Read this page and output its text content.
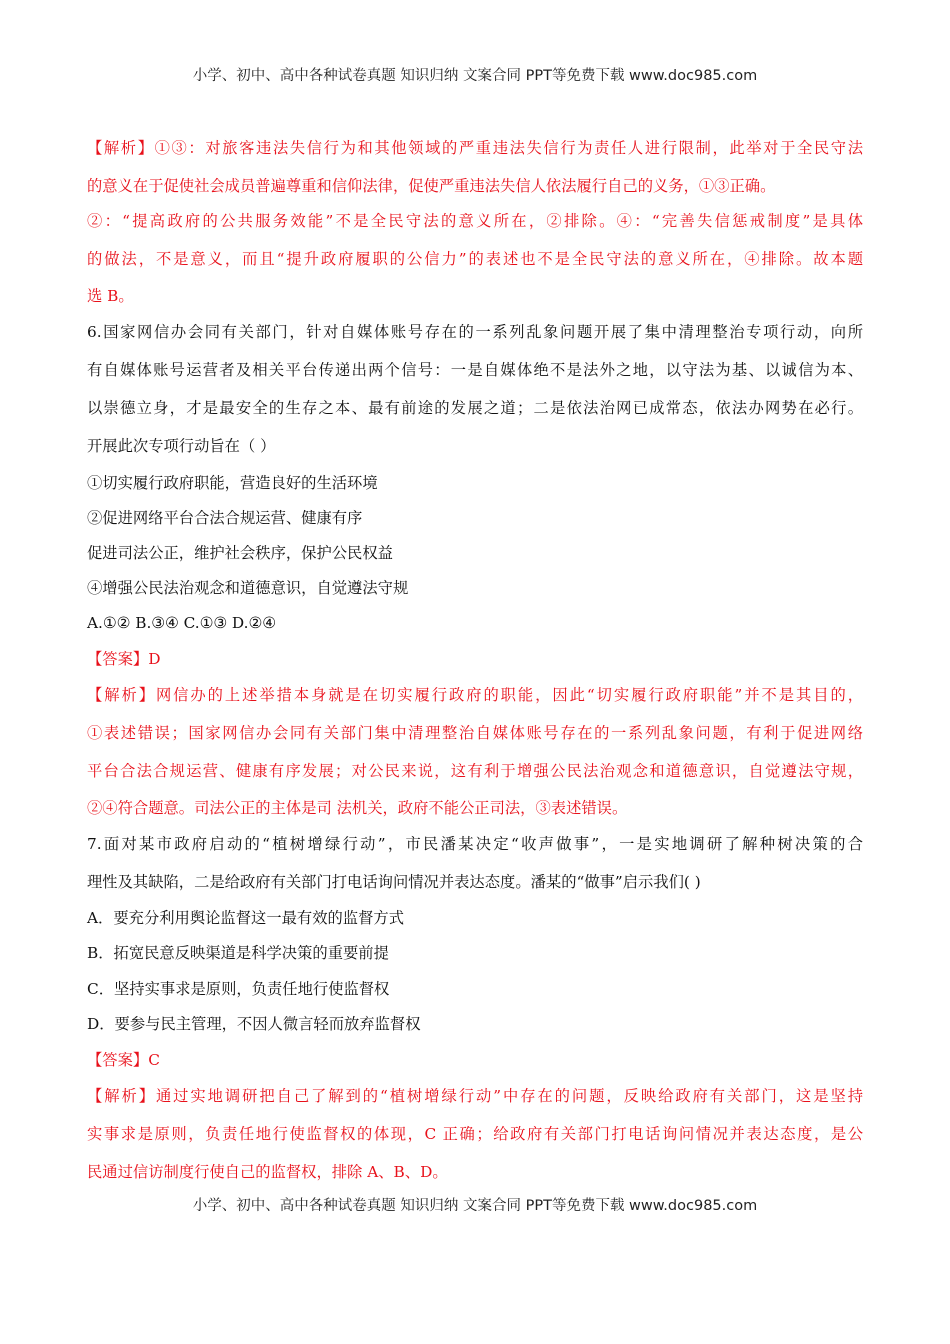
小学、初中、高中各种试卷真题 知识归纳 文案合同 PPT等免费下载 www.doc985.com
【解析】①③：对旅客违法失信行为和其他领域的严重违法失信行为责任人进行限制，此举对于全民守法
的意义在于促使社会成员普遍尊重和信仰法律，促使严重违法失信人依法履行自己的义务，①③正确。
②：“提高政府的公共服务效能”不是全民守法的意义所在，②排除。④：“完善失信惩戒制度”是具体
的做法，不是意义，而且“提升政府履职的公信力”的表述也不是全民守法的意义所在，④排除。故本题
选 B。
6.国家网信办会同有关部门，针对自媒体账号存在的一系列乱象问题开展了集中清理整治专项行动，向所
有自媒体账号运营者及相关平台传递出两个信号：一是自媒体绝不是法外之地，以守法为基、以诚信为本、
以崇德立身，才是最安全的生存之本、最有前途的发展之道；二是依法治网已成常态，依法办网势在必行。
开展此次专项行动旨在（ ）
①切实履行政府职能，营造良好的生活环境
②促进网络平台合法合规运营、健康有序
促进司法公正，维护社会秩序，保护公民权益
④增强公民法治观念和道德意识，自觉遵法守规
A.①② B.③④ C.①③ D.②④
【答案】D
【解析】网信办的上述举措本身就是在切实履行政府的职能，因此“切实履行政府职能”并不是其目的，
①表述错误；国家网信办会同有关部门集中清理整治自媒体账号存在的一系列乱象问题，有利于促进网络
平台合法合规运营、健康有序发展；对公民来说，这有利于增强公民法治观念和道德意识，自觉遵法守规，
②④符合题意。司法公正的主体是司 法机关，政府不能公正司法，③表述错误。
7.面对某市政府启动的“植树增绿行动”，市民潘某决定“收声做事”，一是实地调研了解种树决策的合
理性及其缺陷，二是给政府有关部门打电话询问情况并表达态度。潘某的“做事”启示我们( )
A．要充分利用舆论监督这一最有效的监督方式
B．拓宽民意反映渠道是科学决策的重要前提
C．坚持实事求是原则，负责任地行使监督权
D．要参与民主管理，不因人微言轻而放弃监督权
【答案】C
【解析】通过实地调研把自己了解到的“植树增绿行动”中存在的问题，反映给政府有关部门，这是坚持
实事求是原则，负责任地行使监督权的体现，C 正确；给政府有关部门打电话询问情况并表达态度，是公
民通过信访制度行使自己的监督权，排除 A、B、D。
小学、初中、高中各种试卷真题 知识归纳 文案合同 PPT等免费下载 www.doc985.com
